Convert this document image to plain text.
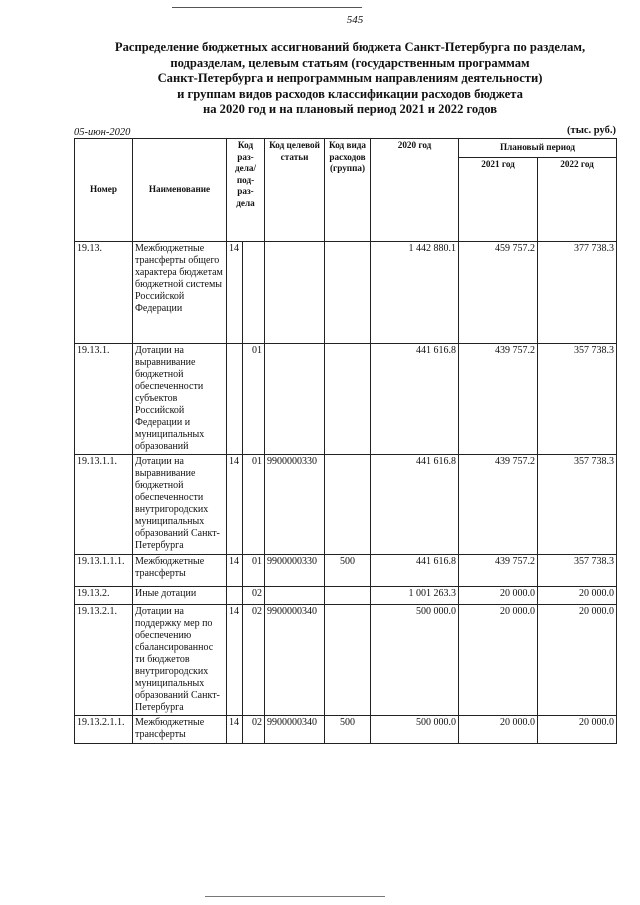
545
Распределение бюджетных ассигнований бюджета Санкт-Петербурга по разделам,
подразделам, целевым статьям (государственным программам
Санкт-Петербурга и непрограммным направлениям деятельности)
и группам видов расходов классификации расходов бюджета
на 2020 год и на плановый период 2021 и 2022 годов
05-июн-2020	(тыс. руб.)
Номер	Наименование	Код раз-дела/ под-раз-дела		Код целевой статьи	Код вида расходов (группа)	2020 год	Плановый период	
							2021 год	2022 год
19.13.	Межбюджетные трансферты общего характера бюджетам бюджетной системы Российской Федерации	14				1 442 880.1	459 757.2	377 738.3
19.13.1.	Дотации на выравнивание бюджетной обеспеченности субъектов Российской Федерации и муниципальных образований		01			441 616.8	439 757.2	357 738.3
19.13.1.1.	Дотации на выравнивание бюджетной обеспеченности внутригородских муниципальных образований Санкт-Петербурга	14	01	9900000330		441 616.8	439 757.2	357 738.3
19.13.1.1.1.	Межбюджетные трансферты	14	01	9900000330	500	441 616.8	439 757.2	357 738.3
19.13.2.	Иные дотации		02			1 001 263.3	20 000.0	20 000.0
19.13.2.1.	Дотации на поддержку мер по обеспечению сбалансированнос ти бюджетов внутригородских муниципальных образований Санкт-Петербурга	14	02	9900000340		500 000.0	20 000.0	20 000.0
19.13.2.1.1.	Межбюджетные трансферты	14	02	9900000340	500	500 000.0	20 000.0	20 000.0
